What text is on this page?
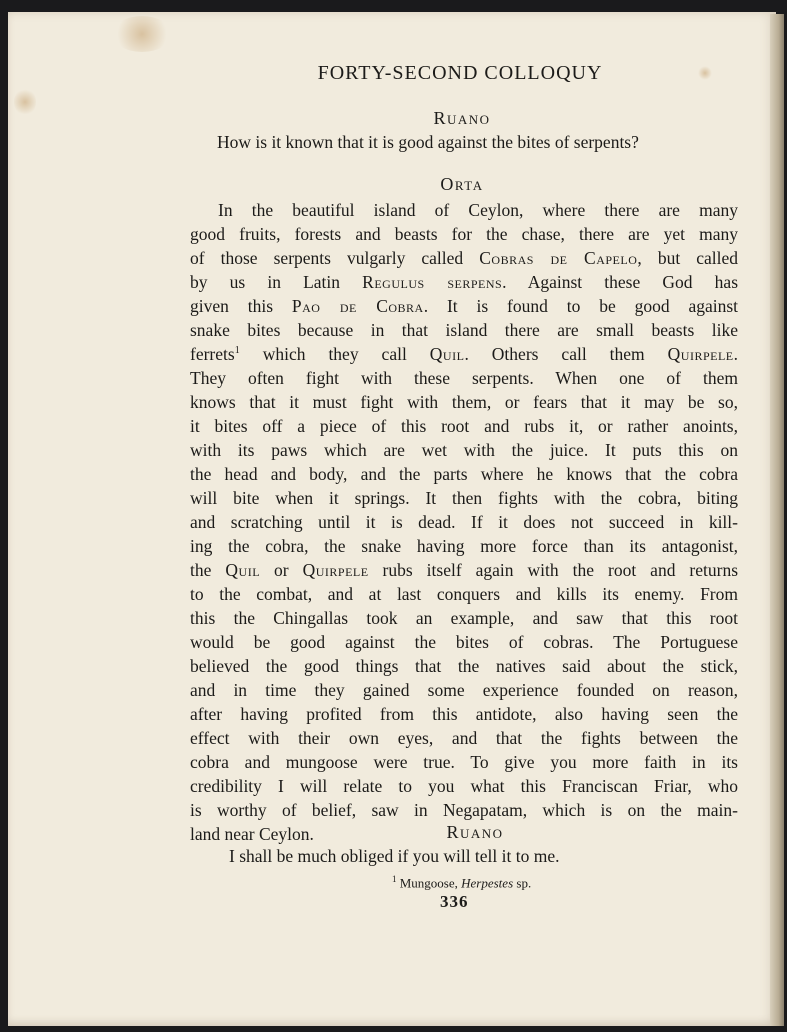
FORTY-SECOND COLLOQUY
Ruano
How is it known that it is good against the bites of serpents?
Orta
In the beautiful island of Ceylon, where there are many
good fruits, forests and beasts for the chase, there are yet many
of those serpents vulgarly called Cobras de Capelo, but called
by us in Latin Regulus serpens. Against these God has
given this Pao de Cobra. It is found to be good against
snake bites because in that island there are small beasts like
ferrets$^1$ which they call Quil. Others call them Quirpele.
They often fight with these serpents. When one of them
knows that it must fight with them, or fears that it may be so,
it bites off a piece of this root and rubs it, or rather anoints,
with its paws which are wet with the juice. It puts this on
the head and body, and the parts where he knows that the cobra
will bite when it springs. It then fights with the cobra, biting
and scratching until it is dead. If it does not succeed in kill-
ing the cobra, the snake having more force than its antagonist,
the Quil or Quirpele rubs itself again with the root and returns
to the combat, and at last conquers and kills its enemy. From
this the Chingallas took an example, and saw that this root
would be good against the bites of cobras. The Portuguese
believed the good things that the natives said about the stick,
and in time they gained some experience founded on reason,
after having profited from this antidote, also having seen the
effect with their own eyes, and that the fights between the
cobra and mungoose were true. To give you more faith in its
credibility I will relate to you what this Franciscan Friar, who
is worthy of belief, saw in Negapatam, which is on the main-
land near Ceylon.	Ruano
I shall be much obliged if you will tell it to me.
$^1$ Mungoose, Herpestes sp.
336
